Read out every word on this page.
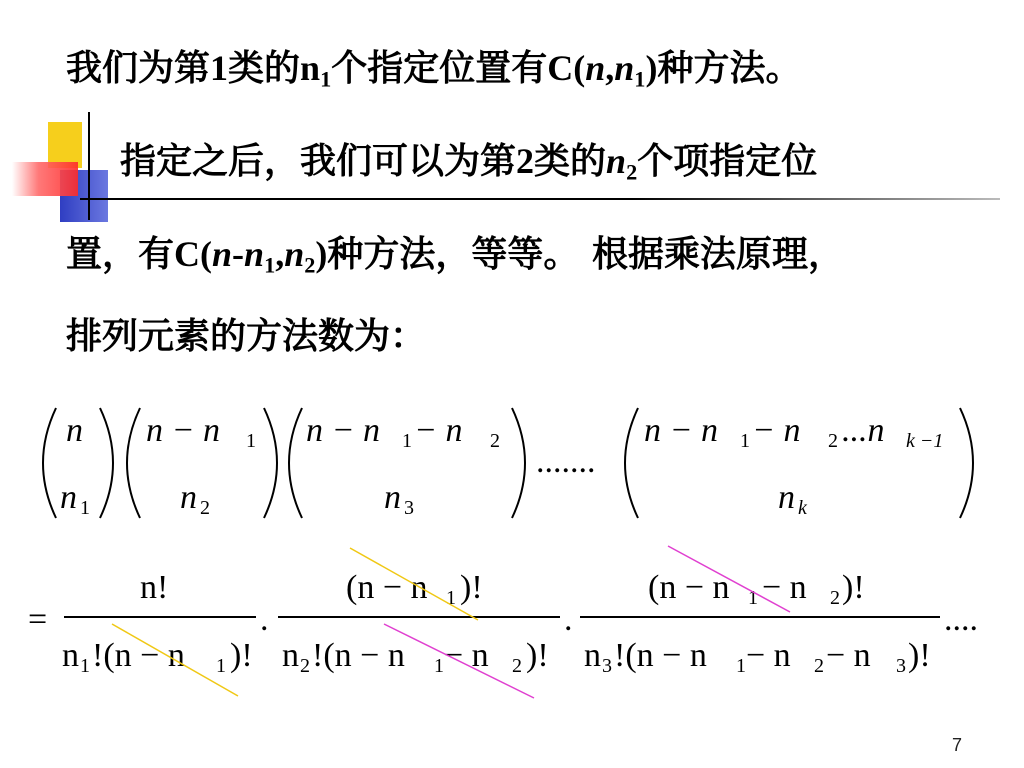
我们为第1类的$n_1$个指定位置有$C(n,n_1)$种方法。
指定之后，我们可以为第2类的$n_2$个项指定位
置，有$C(n-n_1,n_2)$种方法，等等。 根据乘法原理，
排列元素的方法数为：
n
n 1
n − n 1
n 2
n − n 1 − n 2
n 3
.......
n − n 1 − n 2 ...n k −1
n k
=
n!
n 1 !(n − n 1 )!
.
(n − n 1 )!
n 2 !(n − n 1 − n 2 )!
.
(n − n 1 − n 2 )!
n 3 !(n − n 1 − n 2 − n 3 )!
....
7
